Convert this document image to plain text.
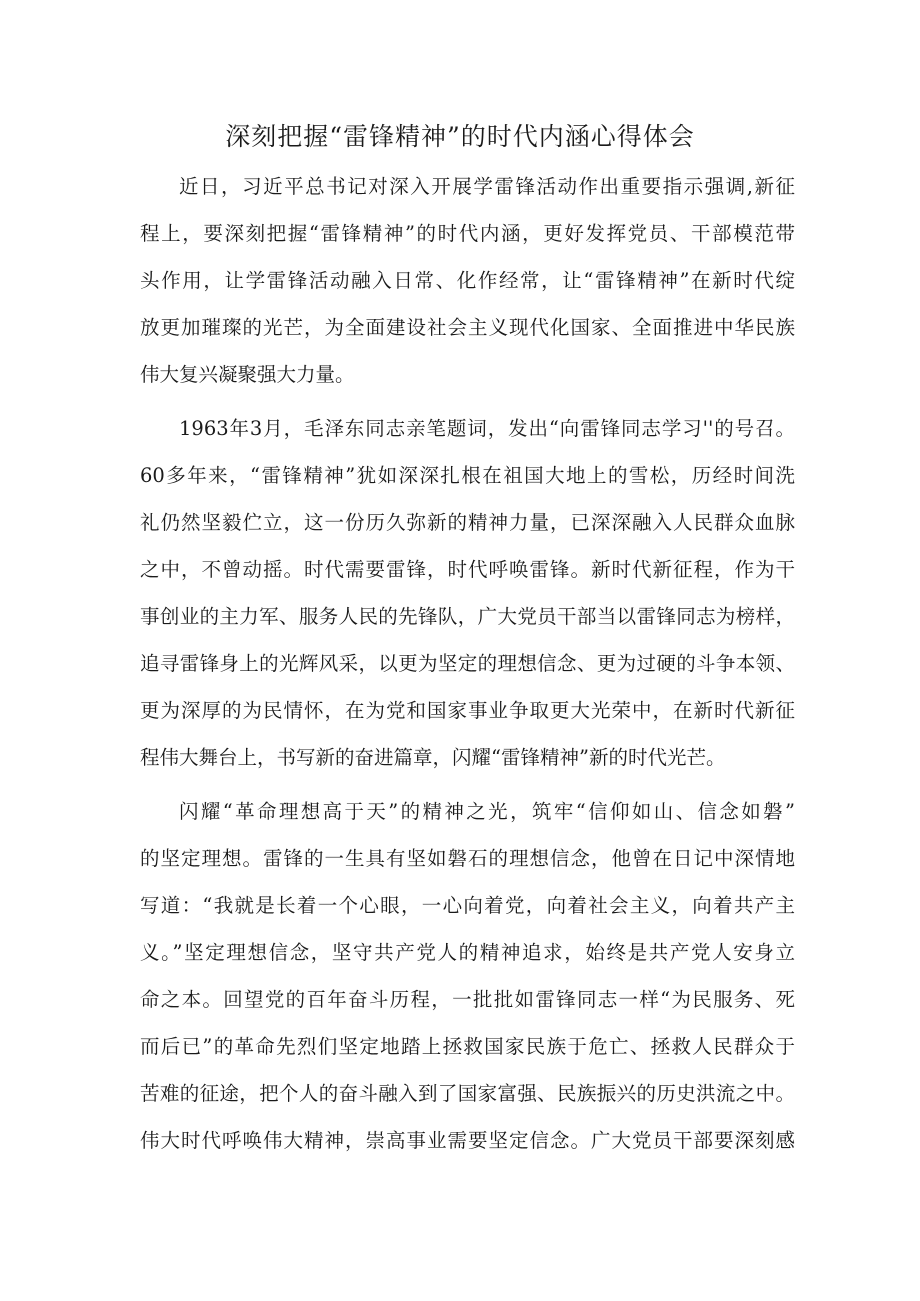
深刻把握“雷锋精神”的时代内涵心得体会
近日，习近平总书记对深入开展学雷锋活动作出重要指示强调,新征
程上，要深刻把握“雷锋精神”的时代内涵，更好发挥党员、干部模范带
头作用，让学雷锋活动融入日常、化作经常，让“雷锋精神”在新时代绽
放更加璀璨的光芒，为全面建设社会主义现代化国家、全面推进中华民族
伟大复兴凝聚强大力量。
1963年3月，毛泽东同志亲笔题词，发出“向雷锋同志学习''的号召。
60多年来，“雷锋精神”犹如深深扎根在祖国大地上的雪松，历经时间洗
礼仍然坚毅伫立，这一份历久弥新的精神力量，已深深融入人民群众血脉
之中，不曾动摇。时代需要雷锋，时代呼唤雷锋。新时代新征程，作为干
事创业的主力军、服务人民的先锋队，广大党员干部当以雷锋同志为榜样，
追寻雷锋身上的光辉风采，以更为坚定的理想信念、更为过硬的斗争本领、
更为深厚的为民情怀，在为党和国家事业争取更大光荣中，在新时代新征
程伟大舞台上，书写新的奋进篇章，闪耀“雷锋精神”新的时代光芒。
闪耀“革命理想高于天”的精神之光，筑牢“信仰如山、信念如磐”
的坚定理想。雷锋的一生具有坚如磐石的理想信念，他曾在日记中深情地
写道：“我就是长着一个心眼，一心向着党，向着社会主义，向着共产主
义。”坚定理想信念，坚守共产党人的精神追求，始终是共产党人安身立
命之本。回望党的百年奋斗历程，一批批如雷锋同志一样“为民服务、死
而后已”的革命先烈们坚定地踏上拯救国家民族于危亡、拯救人民群众于
苦难的征途，把个人的奋斗融入到了国家富强、民族振兴的历史洪流之中。
伟大时代呼唤伟大精神，崇高事业需要坚定信念。广大党员干部要深刻感
